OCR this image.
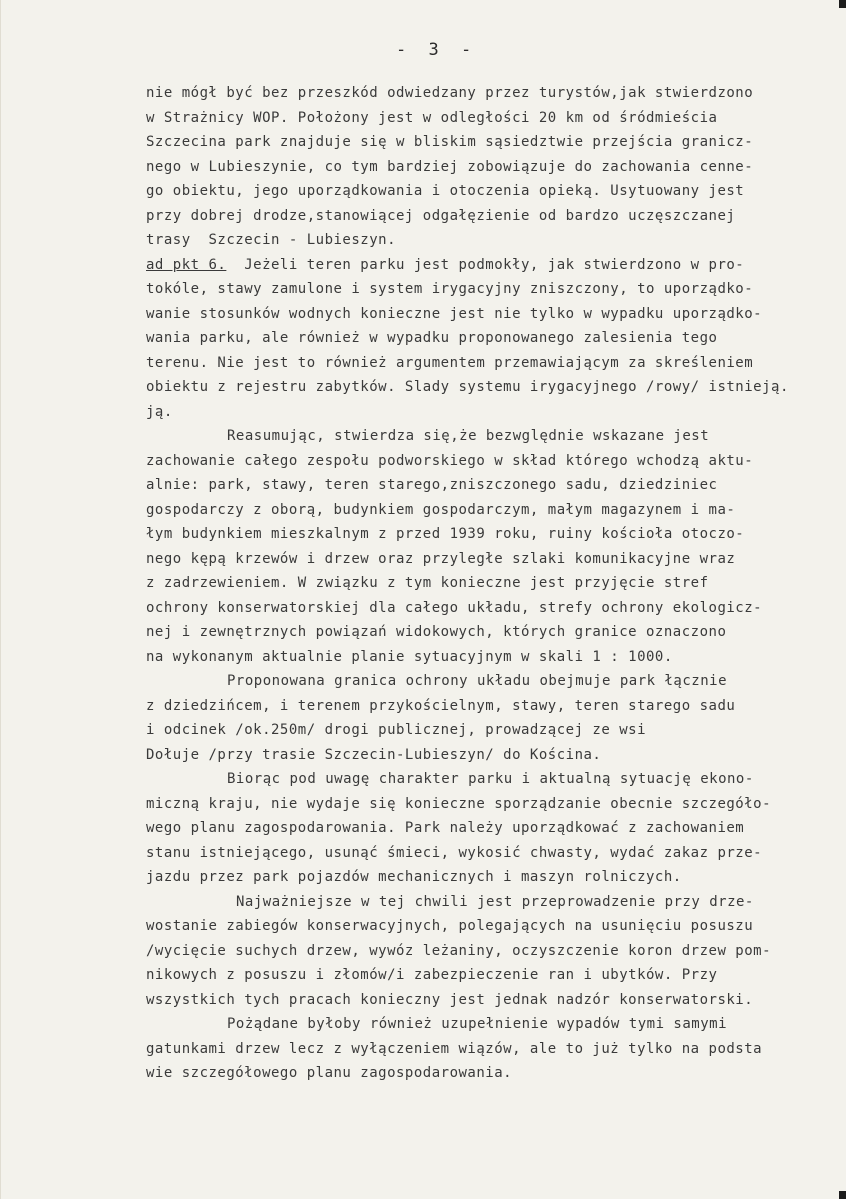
- 3 -
nie mógł być bez przeszkód odwiedzany przez turystów,jak stwierdzono
w Strażnicy WOP. Położony jest w odległości 20 km od śródmieścia
Szczecina park znajduje się w bliskim sąsiedztwie przejścia granicz-
nego w Lubieszynie, co tym bardziej zobowiązuje do zachowania cenne-
go obiektu, jego uporządkowania i otoczenia opieką. Usytuowany jest
przy dobrej drodze,stanowiącej odgałęzienie od bardzo uczęszczanej
trasy  Szczecin - Lubieszyn.
ad pkt 6.  Jeżeli teren parku jest podmokły, jak stwierdzono w pro-
tokóle, stawy zamulone i system irygacyjny zniszczony, to uporządko-
wanie stosunków wodnych konieczne jest nie tylko w wypadku uporządko-
wania parku, ale również w wypadku proponowanego zalesienia tego
terenu. Nie jest to również argumentem przemawiającym za skreśleniem
obiektu z rejestru zabytków. Slady systemu irygacyjnego /rowy/ istnieją.
ją.
Reasumując, stwierdza się,że bezwględnie wskazane jest
zachowanie całego zespołu podworskiego w skład którego wchodzą aktu-
alnie: park, stawy, teren starego,zniszczonego sadu, dziedziniec
gospodarczy z oborą, budynkiem gospodarczym, małym magazynem i ma-
łym budynkiem mieszkalnym z przed 1939 roku, ruiny kościoła otoczo-
nego kępą krzewów i drzew oraz przyległe szlaki komunikacyjne wraz
z zadrzewieniem. W związku z tym konieczne jest przyjęcie stref
ochrony konserwatorskiej dla całego układu, strefy ochrony ekologicz-
nej i zewnętrznych powiązań widokowych, których granice oznaczono
na wykonanym aktualnie planie sytuacyjnym w skali 1 : 1000.
Proponowana granica ochrony układu obejmuje park łącznie
z dziedzińcem, i terenem przykościelnym, stawy, teren starego sadu
i odcinek /ok.250m/ drogi publicznej, prowadzącej ze wsi
Dołuje /przy trasie Szczecin-Lubieszyn/ do Kościna.
Biorąc pod uwagę charakter parku i aktualną sytuację ekono-
miczną kraju, nie wydaje się konieczne sporządzanie obecnie szczegóło-
wego planu zagospodarowania. Park należy uporządkować z zachowaniem
stanu istniejącego, usunąć śmieci, wykosić chwasty, wydać zakaz prze-
jazdu przez park pojazdów mechanicznych i maszyn rolniczych.
Najważniejsze w tej chwili jest przeprowadzenie przy drze-
wostanie zabiegów konserwacyjnych, polegających na usunięciu posuszu
/wycięcie suchych drzew, wywóz leżaniny, oczyszczenie koron drzew pom-
nikowych z posuszu i złomów/i zabezpieczenie ran i ubytków. Przy
wszystkich tych pracach konieczny jest jednak nadzór konserwatorski.
Pożądane byłoby również uzupełnienie wypadów tymi samymi
gatunkami drzew lecz z wyłączeniem wiązów, ale to już tylko na podsta
wie szczegółowego planu zagospodarowania.
